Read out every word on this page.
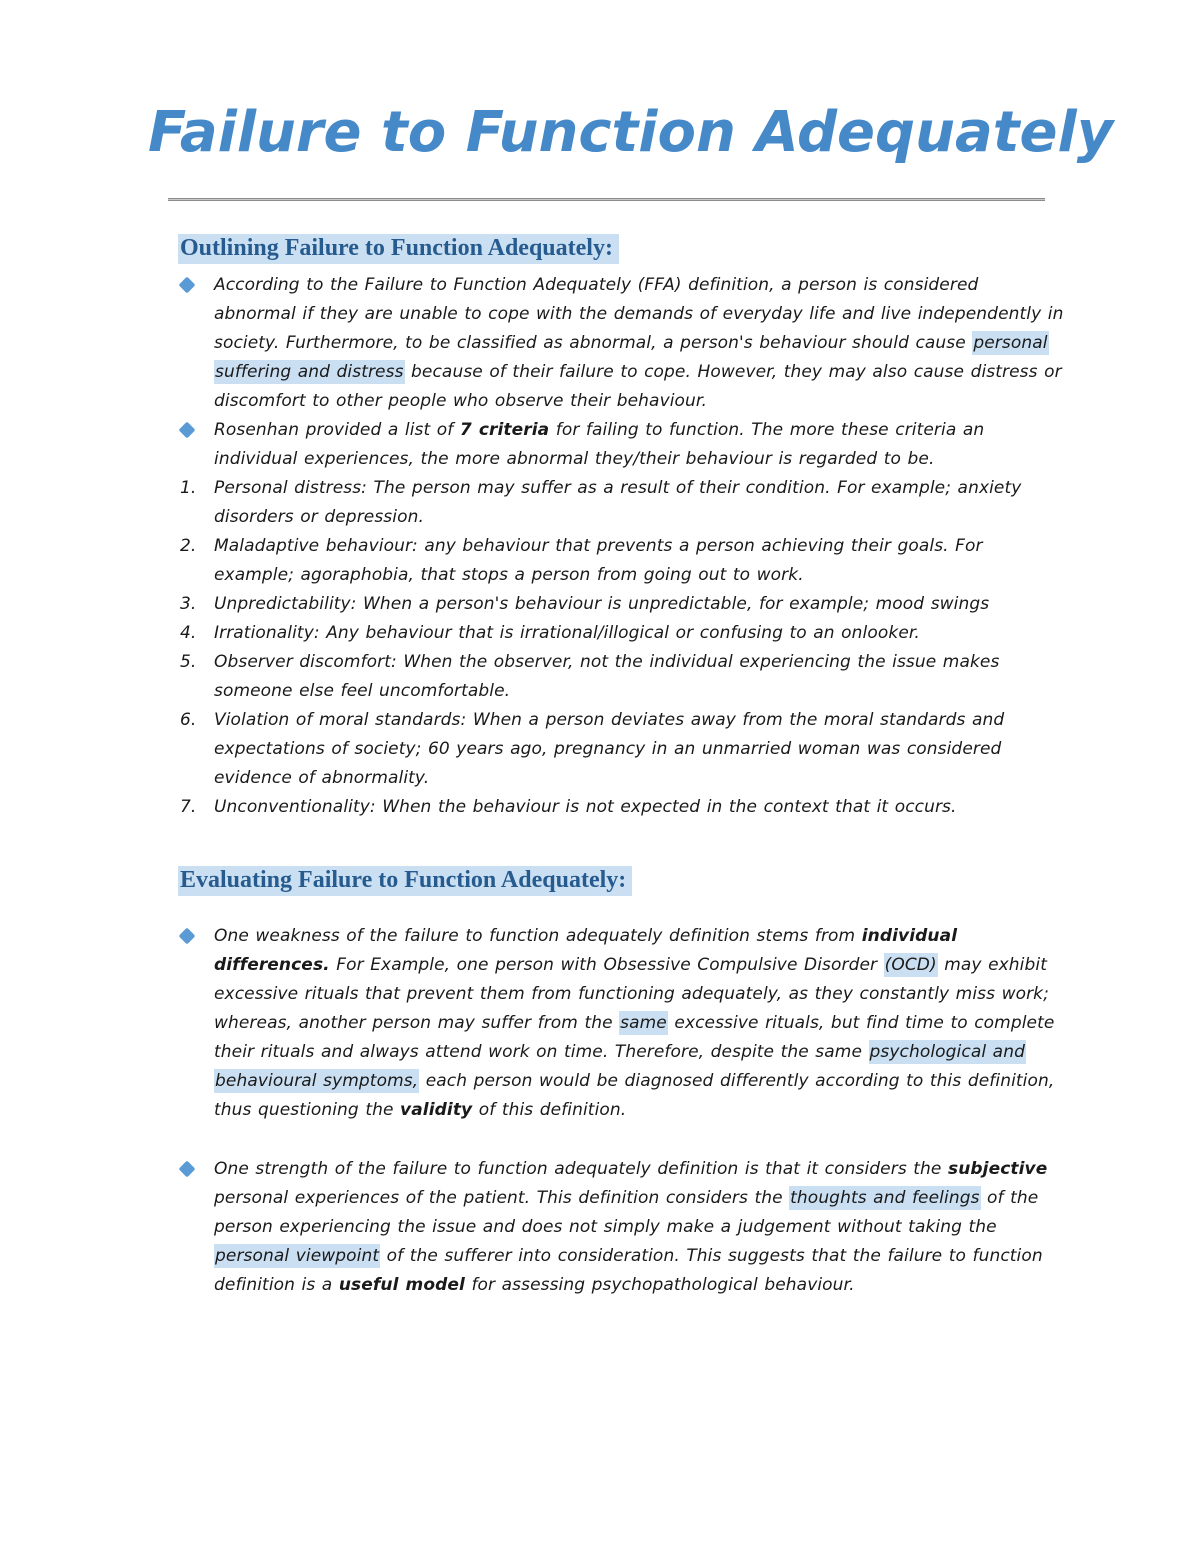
Failure to Function Adequately
Outlining Failure to Function Adequately:

According to the Failure to Function Adequately (FFA) definition, a person is considered abnormal if they are unable to cope with the demands of everyday life and live independently in society. Furthermore, to be classified as abnormal, a person's behaviour should cause personal suffering and distress because of their failure to cope. However, they may also cause distress or discomfort to other people who observe their behaviour.

Rosenhan provided a list of 7 criteria for failing to function. The more these criteria an individual experiences, the more abnormal they/their behaviour is regarded to be.

1.	Personal distress: The person may suffer as a result of their condition. For example; anxiety disorders or depression.

2.	Maladaptive behaviour: any behaviour that prevents a person achieving their goals. For example; agoraphobia, that stops a person from going out to work.

3.	Unpredictability: When a person's behaviour is unpredictable, for example; mood swings

4.	Irrationality: Any behaviour that is irrational/illogical or confusing to an onlooker.

5.	Observer discomfort: When the observer, not the individual experiencing the issue makes someone else feel uncomfortable.

6.	Violation of moral standards: When a person deviates away from the moral standards and expectations of society; 60 years ago, pregnancy in an unmarried woman was considered evidence of abnormality.

7.	Unconventionality: When the behaviour is not expected in the context that it occurs.

Evaluating Failure to Function Adequately:

One weakness of the failure to function adequately definition stems from individual differences. For Example, one person with Obsessive Compulsive Disorder (OCD) may exhibit excessive rituals that prevent them from functioning adequately, as they constantly miss work; whereas, another person may suffer from the same excessive rituals, but find time to complete their rituals and always attend work on time. Therefore, despite the same psychological and behavioural symptoms, each person would be diagnosed differently according to this definition, thus questioning the validity of this definition.

One strength of the failure to function adequately definition is that it considers the subjective personal experiences of the patient. This definition considers the thoughts and feelings of the person experiencing the issue and does not simply make a judgement without taking the personal viewpoint of the sufferer into consideration. This suggests that the failure to function definition is a useful model for assessing psychopathological behaviour.
